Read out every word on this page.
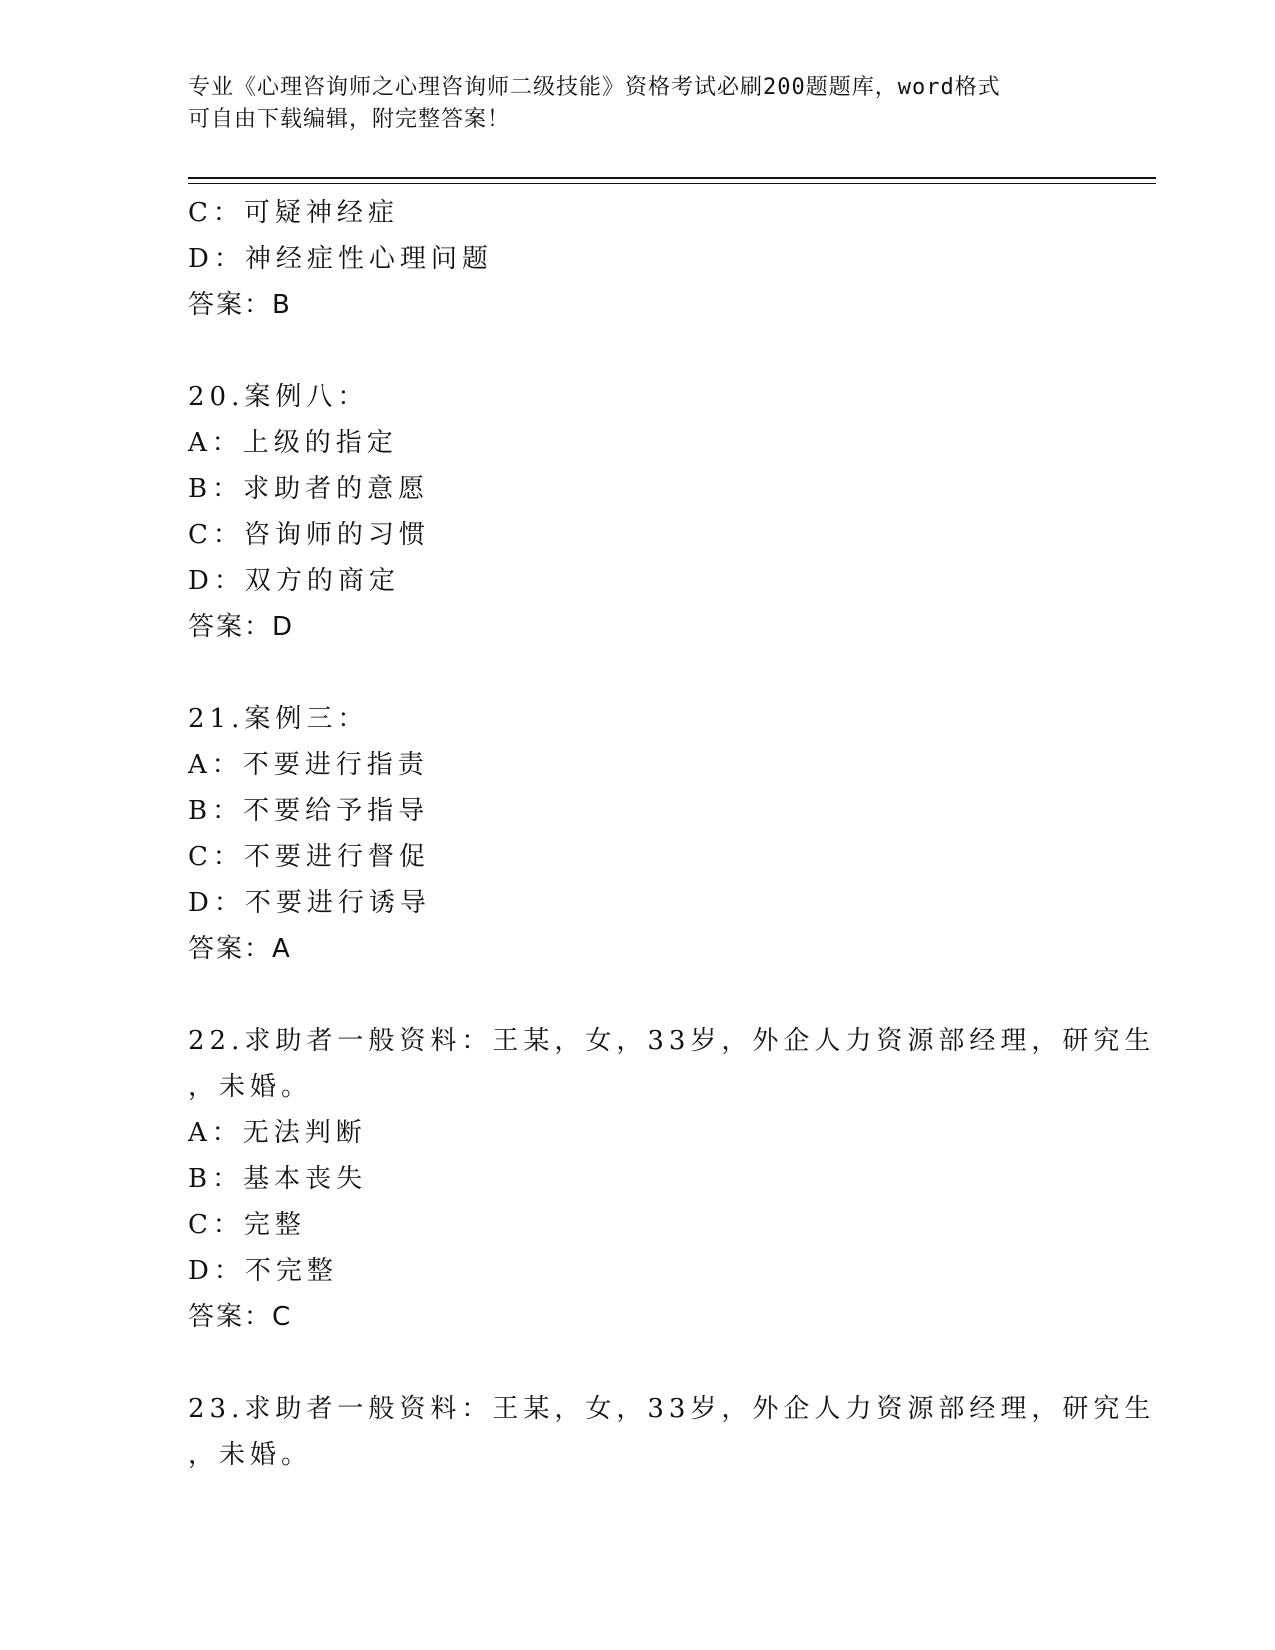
专业《心理咨询师之心理咨询师二级技能》资格考试必刷200题题库，word格式
可自由下载编辑，附完整答案！
C：可疑神经症
D：神经症性心理问题
答案：B
20.案例八：
A：上级的指定
B：求助者的意愿
C：咨询师的习惯
D：双方的商定
答案：D
21.案例三：
A：不要进行指责
B：不要给予指导
C：不要进行督促
D：不要进行诱导
答案：A
22.求助者一般资料：王某，女，33岁，外企人力资源部经理，研究生
，未婚。
A：无法判断
B：基本丧失
C：完整
D：不完整
答案：C
23.求助者一般资料：王某，女，33岁，外企人力资源部经理，研究生
，未婚。
